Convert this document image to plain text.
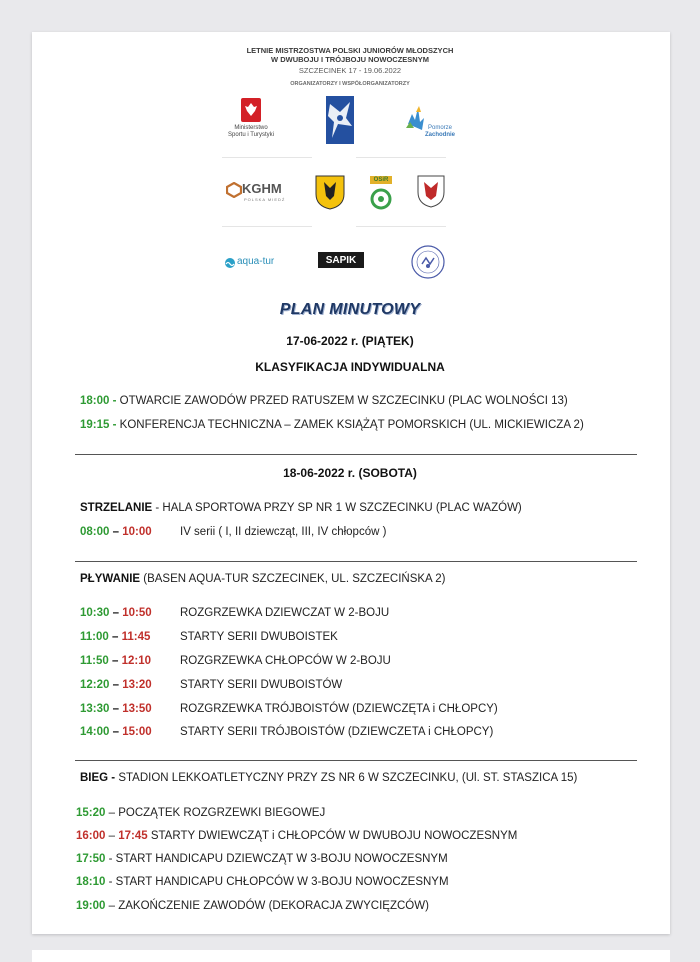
LETNIE MISTRZOSTWA POLSKI JUNIORÓW MŁODSZYCH
W DWUBOJU I TRÓJBOJU NOWOCZESNYM
SZCZECINEK 17 - 19.06.2022
ORGANIZATORZY I WSPÓŁORGANIZATORZY
Ministerstwo
Sportu i Turystyki
Pomorze
Zachodnie
KGHM
POLSKA MIEDŹ
OSiR
aqua-tur	SAPIK
PLAN MINUTOWY
17-06-2022 r. (PIĄTEK)
KLASYFIKACJA INDYWIDUALNA
18:00 - OTWARCIE ZAWODÓW PRZED RATUSZEM W SZCZECINKU (PLAC WOLNOŚCI 13)
19:15 - KONFERENCJA TECHNICZNA – ZAMEK KSIĄŻĄT POMORSKICH (UL. MICKIEWICZA 2)
18-06-2022 r. (SOBOTA)
STRZELANIE - HALA SPORTOWA PRZY SP NR 1 W SZCZECINKU (PLAC WAZÓW)
08:00 – 10:00 IV serii ( I, II dziewcząt, III, IV chłopców )
PŁYWANIE (BASEN AQUA-TUR SZCZECINEK, UL. SZCZECIŃSKA 2)
10:30 – 10:50 ROZGRZEWKA DZIEWCZAT W 2-BOJU
11:00 – 11:45	STARTY SERII DWUBOISTEK
11:50 – 12:10	ROZGRZEWKA CHŁOPCÓW W 2-BOJU
12:20 – 13:20 STARTY SERII DWUBOISTÓW
13:30 – 13:50 ROZGRZEWKA TRÓJBOISTÓW (DZIEWCZĘTA i CHŁOPCY)
14:00 – 15:00 STARTY SERII TRÓJBOISTÓW (DZIEWCZETA i CHŁOPCY)
BIEG - STADION LEKKOATLETYCZNY PRZY ZS NR 6 W SZCZECINKU, (Ul. ST. STASZICA 15)
15:20 – POCZĄTEK ROZGRZEWKI BIEGOWEJ
16:00 – 17:45 STARTY DWIEWCZĄT i CHŁOPCÓW W DWUBOJU NOWOCZESNYM
17:50 - START HANDICAPU DZIEWCZĄT W 3-BOJU NOWOCZESNYM
18:10 - START HANDICAPU CHŁOPCÓW W 3-BOJU NOWOCZESNYM
19:00 – ZAKOŃCZENIE ZAWODÓW (DEKORACJA ZWYCIĘZCÓW)
